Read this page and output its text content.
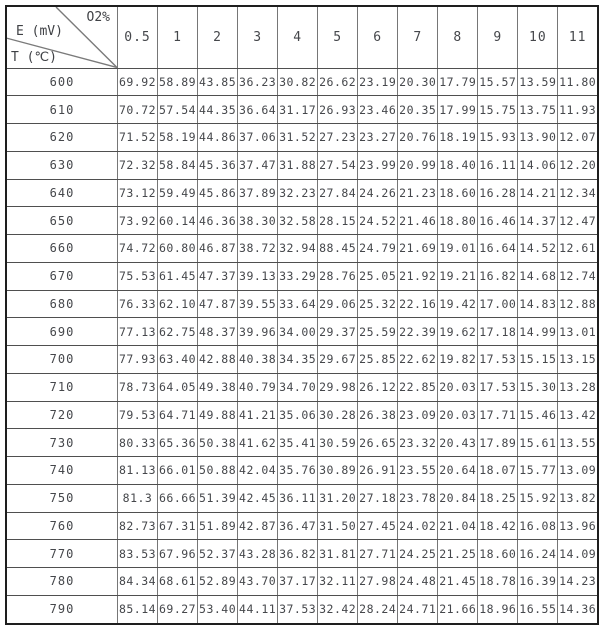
O2%
E (mV)
T (℃)	0.5	1	2	3	4	5	6	7	8	9	10	11
600	69.92	58.89	43.85	36.23	30.82	26.62	23.19	20.30	17.79	15.57	13.59	11.80
610	70.72	57.54	44.35	36.64	31.17	26.93	23.46	20.35	17.99	15.75	13.75	11.93
620	71.52	58.19	44.86	37.06	31.52	27.23	23.27	20.76	18.19	15.93	13.90	12.07
630	72.32	58.84	45.36	37.47	31.88	27.54	23.99	20.99	18.40	16.11	14.06	12.20
640	73.12	59.49	45.86	37.89	32.23	27.84	24.26	21.23	18.60	16.28	14.21	12.34
650	73.92	60.14	46.36	38.30	32.58	28.15	24.52	21.46	18.80	16.46	14.37	12.47
660	74.72	60.80	46.87	38.72	32.94	88.45	24.79	21.69	19.01	16.64	14.52	12.61
670	75.53	61.45	47.37	39.13	33.29	28.76	25.05	21.92	19.21	16.82	14.68	12.74
680	76.33	62.10	47.87	39.55	33.64	29.06	25.32	22.16	19.42	17.00	14.83	12.88
690	77.13	62.75	48.37	39.96	34.00	29.37	25.59	22.39	19.62	17.18	14.99	13.01
700	77.93	63.40	42.88	40.38	34.35	29.67	25.85	22.62	19.82	17.53	15.15	13.15
710	78.73	64.05	49.38	40.79	34.70	29.98	26.12	22.85	20.03	17.53	15.30	13.28
720	79.53	64.71	49.88	41.21	35.06	30.28	26.38	23.09	20.03	17.71	15.46	13.42
730	80.33	65.36	50.38	41.62	35.41	30.59	26.65	23.32	20.43	17.89	15.61	13.55
740	81.13	66.01	50.88	42.04	35.76	30.89	26.91	23.55	20.64	18.07	15.77	13.09
750	81.3	66.66	51.39	42.45	36.11	31.20	27.18	23.78	20.84	18.25	15.92	13.82
760	82.73	67.31	51.89	42.87	36.47	31.50	27.45	24.02	21.04	18.42	16.08	13.96
770	83.53	67.96	52.37	43.28	36.82	31.81	27.71	24.25	21.25	18.60	16.24	14.09
780	84.34	68.61	52.89	43.70	37.17	32.11	27.98	24.48	21.45	18.78	16.39	14.23
790	85.14	69.27	53.40	44.11	37.53	32.42	28.24	24.71	21.66	18.96	16.55	14.36
